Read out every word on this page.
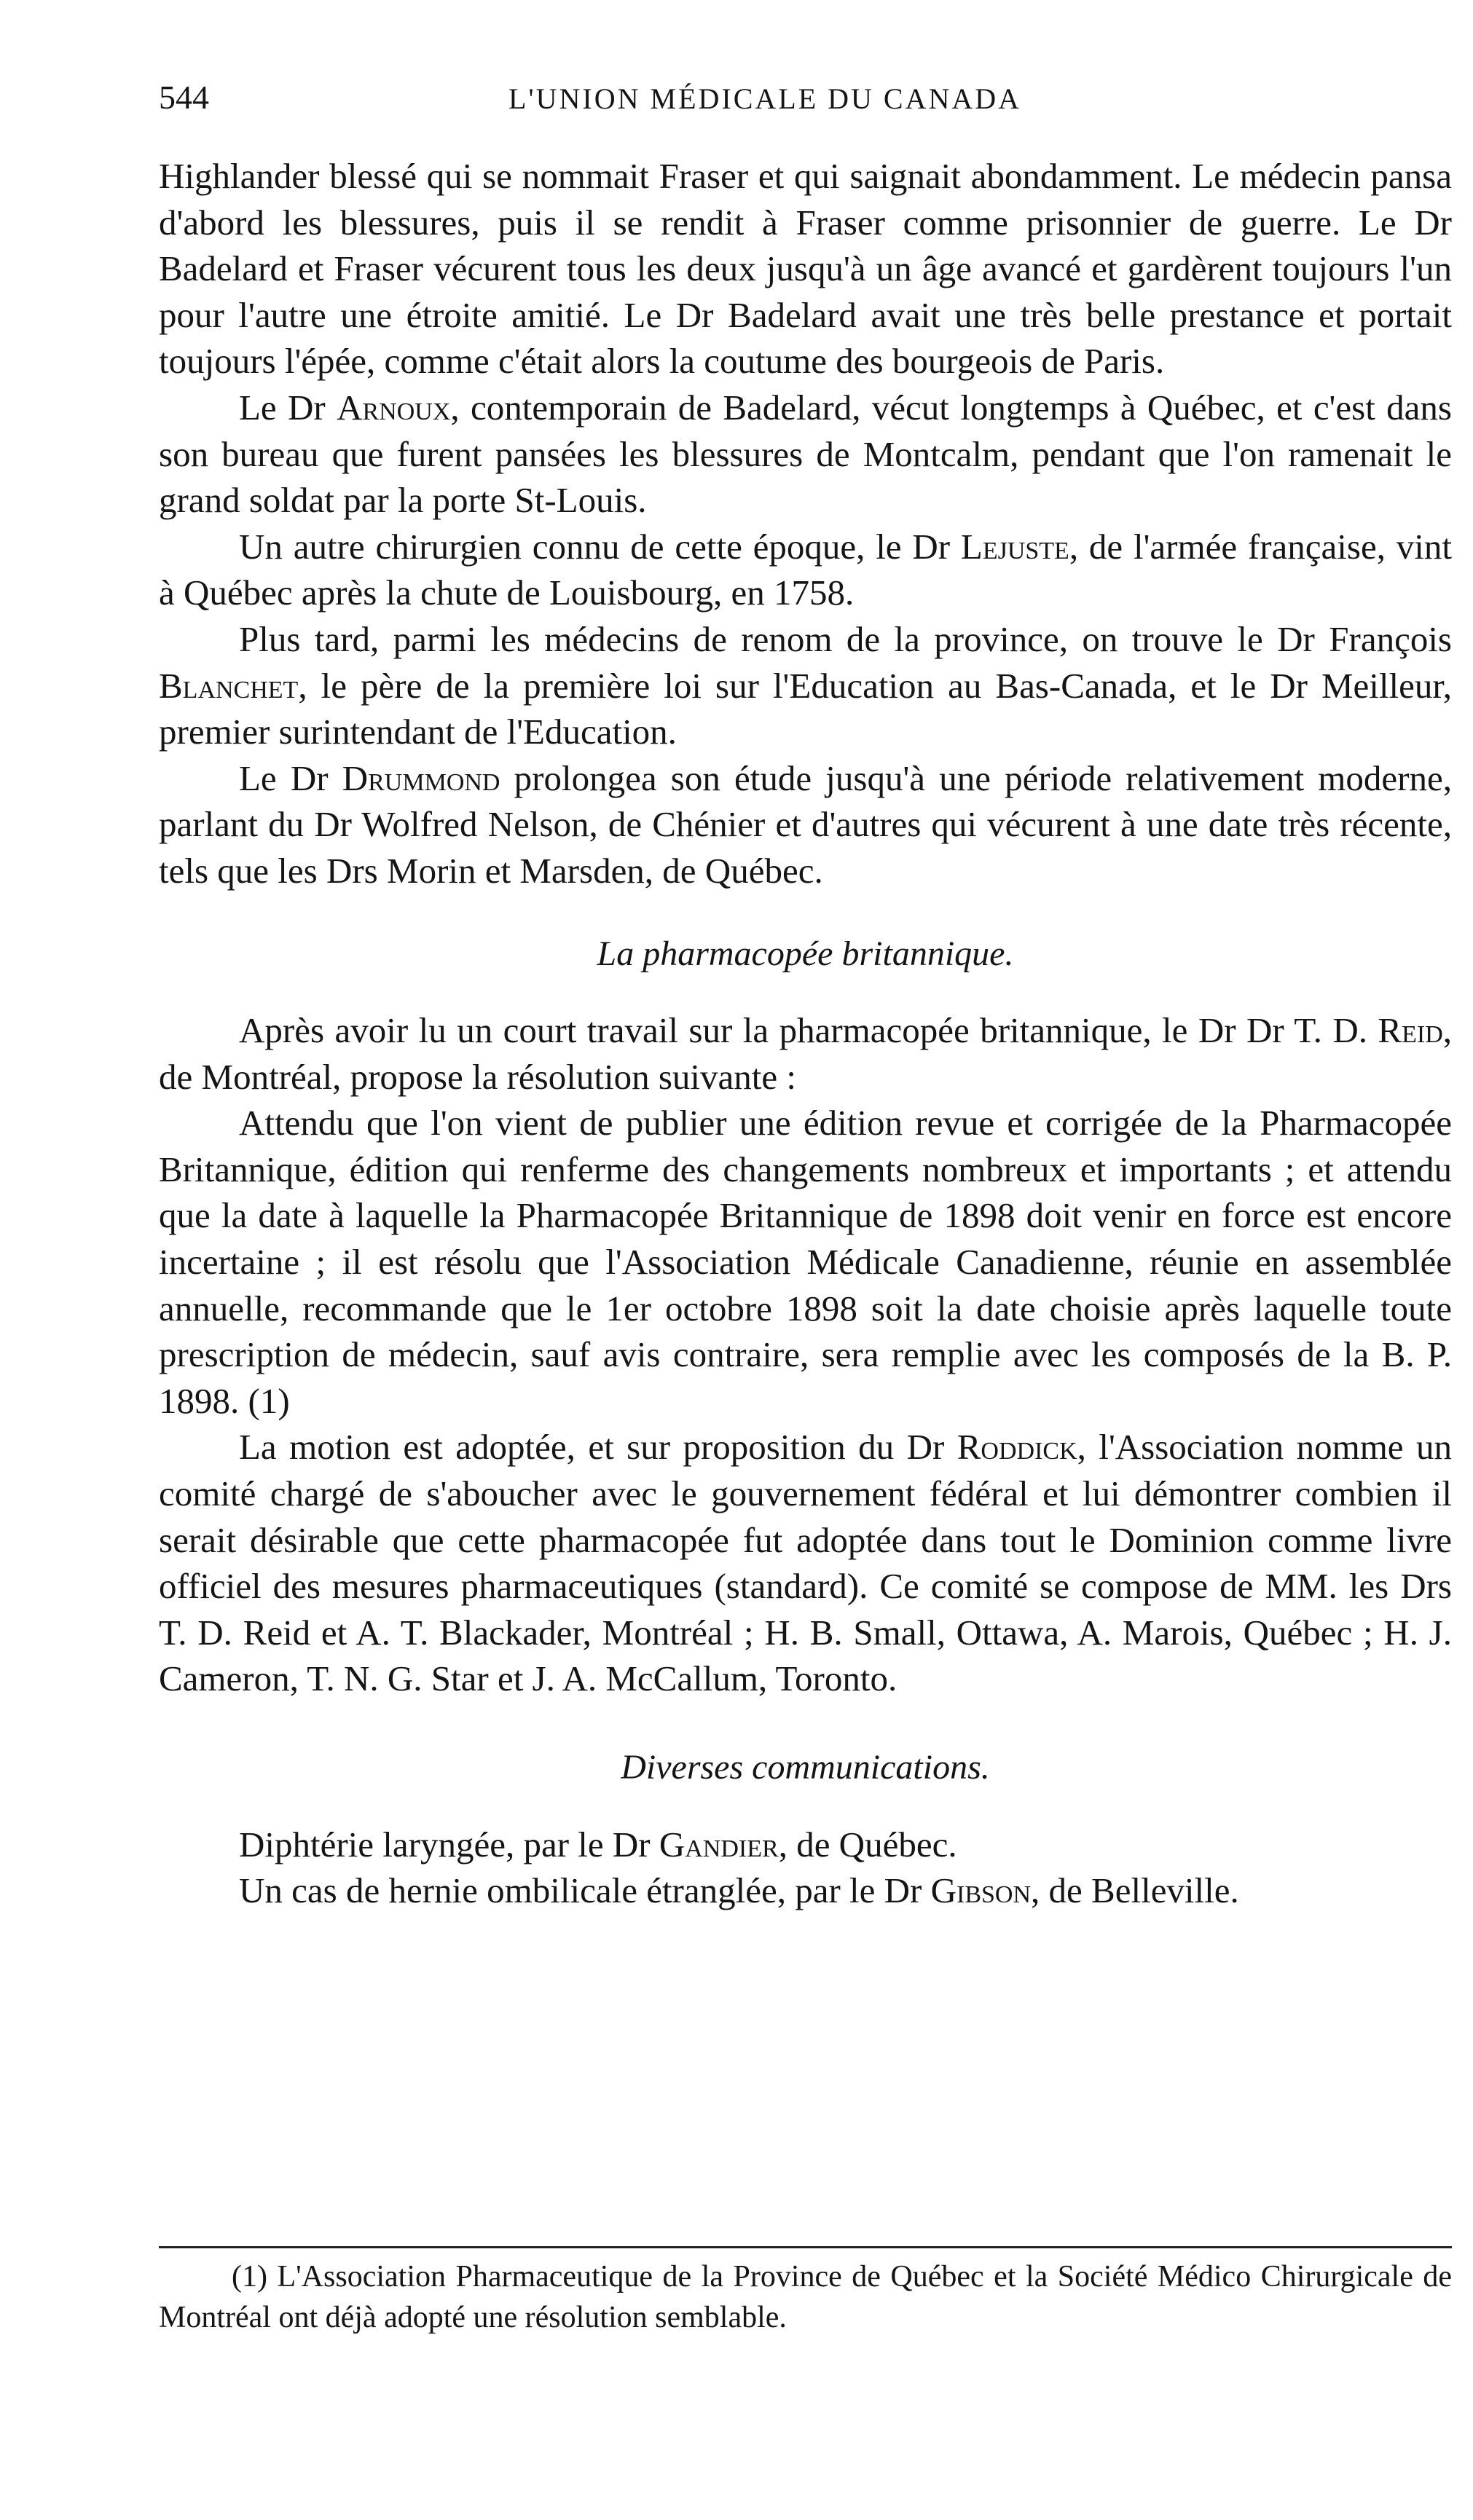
544	L'UNION MÉDICALE DU CANADA

Highlander blessé qui se nommait Fraser et qui saignait abondamment. Le médecin pansa d'abord les blessures, puis il se rendit à Fraser comme prisonnier de guerre. Le Dr Badelard et Fraser vécurent tous les deux jusqu'à un âge avancé et gardèrent toujours l'un pour l'autre une étroite amitié. Le Dr Badelard avait une très belle prestance et portait toujours l'épée, comme c'était alors la coutume des bourgeois de Paris.

Le Dr Arnoux, contemporain de Badelard, vécut longtemps à Québec, et c'est dans son bureau que furent pansées les blessures de Montcalm, pendant que l'on ramenait le grand soldat par la porte St-Louis.

Un autre chirurgien connu de cette époque, le Dr Lejuste, de l'armée française, vint à Québec après la chute de Louisbourg, en 1758.

Plus tard, parmi les médecins de renom de la province, on trouve le Dr François Blanchet, le père de la première loi sur l'Education au Bas-Canada, et le Dr Meilleur, premier surintendant de l'Education.

Le Dr Drummond prolongea son étude jusqu'à une période relativement moderne, parlant du Dr Wolfred Nelson, de Chénier et d'autres qui vécurent à une date très récente, tels que les Drs Morin et Marsden, de Québec.

La pharmacopée britannique.

Après avoir lu un court travail sur la pharmacopée britannique, le Dr Dr T. D. Reid, de Montréal, propose la résolution suivante :

Attendu que l'on vient de publier une édition revue et corrigée de la Pharmacopée Britannique, édition qui renferme des changements nombreux et importants ; et attendu que la date à laquelle la Pharmacopée Britannique de 1898 doit venir en force est encore incertaine ; il est résolu que l'Association Médicale Canadienne, réunie en assemblée annuelle, recommande que le 1er octobre 1898 soit la date choisie après laquelle toute prescription de médecin, sauf avis contraire, sera remplie avec les composés de la B. P. 1898. (1)

La motion est adoptée, et sur proposition du Dr Roddick, l'Association nomme un comité chargé de s'aboucher avec le gouvernement fédéral et lui démontrer combien il serait désirable que cette pharmacopée fut adoptée dans tout le Dominion comme livre officiel des mesures pharmaceutiques (standard). Ce comité se compose de MM. les Drs T. D. Reid et A. T. Blackader, Montréal ; H. B. Small, Ottawa, A. Marois, Québec ; H. J. Cameron, T. N. G. Star et J. A. McCallum, Toronto.

Diverses communications.

Diphtérie laryngée, par le Dr Gandier, de Québec.

Un cas de hernie ombilicale étranglée, par le Dr Gibson, de Belleville.

(1) L'Association Pharmaceutique de la Province de Québec et la Société Médico Chirurgicale de Montréal ont déjà adopté une résolution semblable.
